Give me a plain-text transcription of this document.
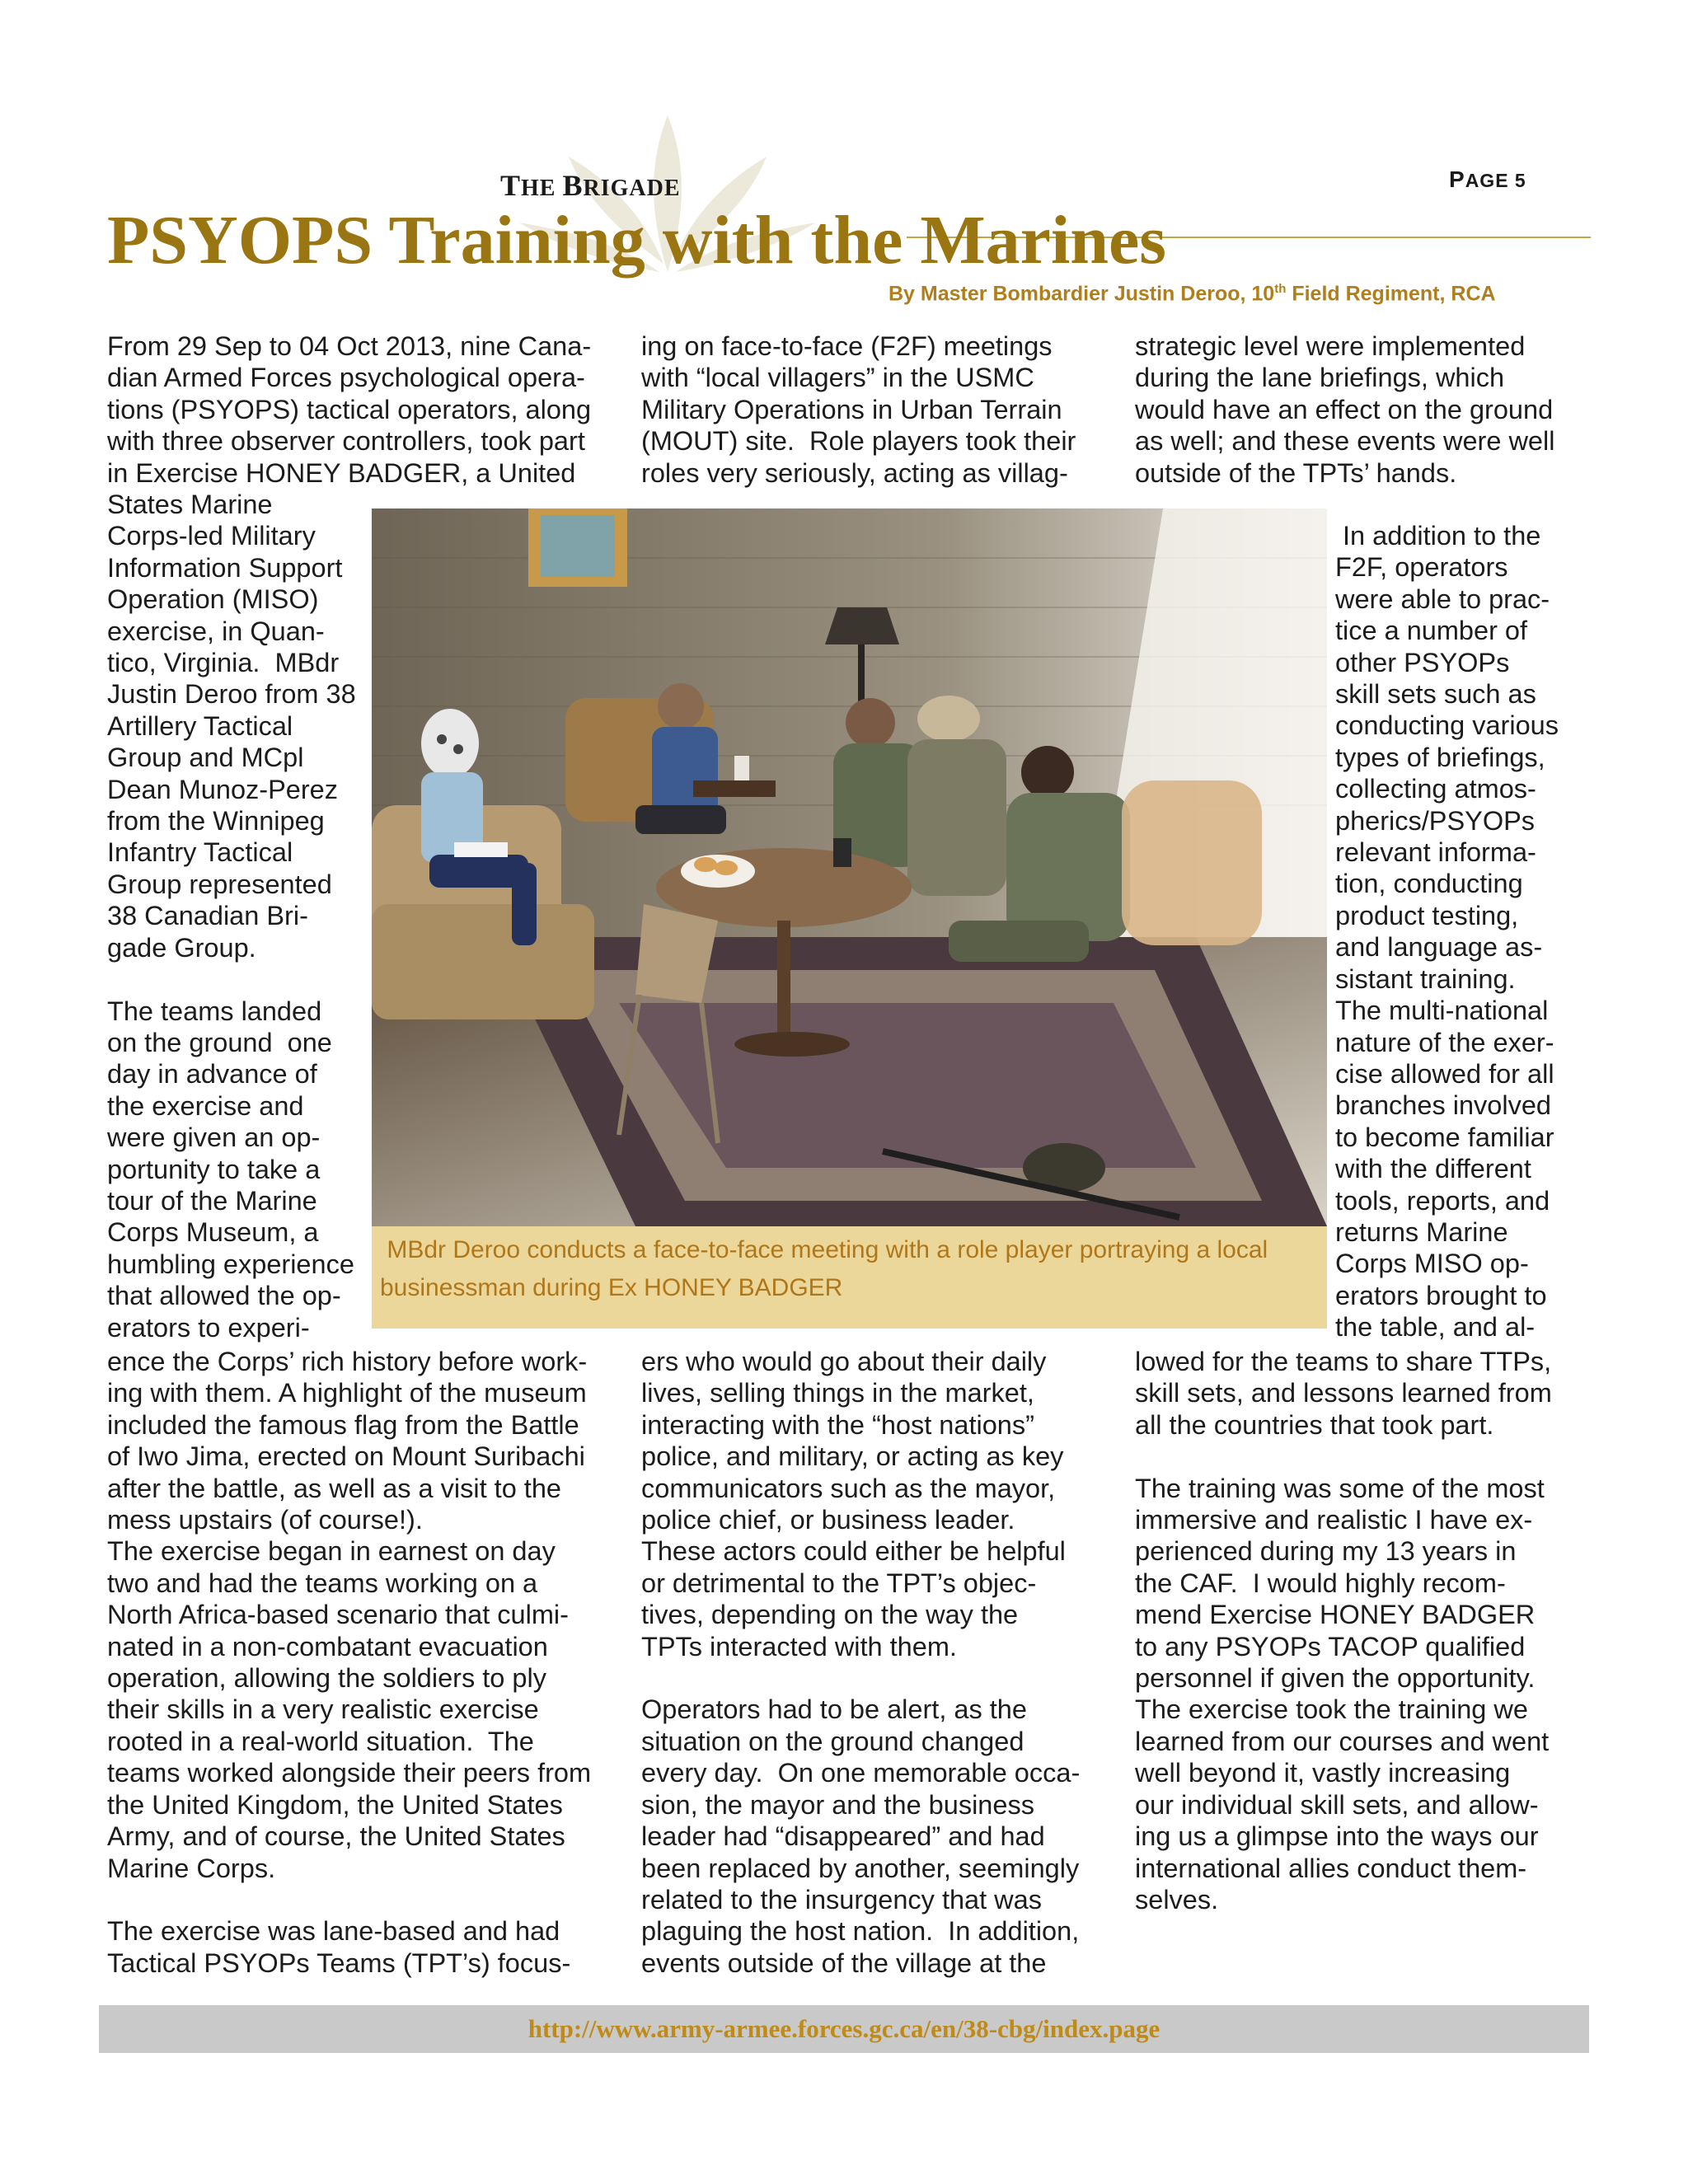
THE BRIGADE	PAGE 5
PSYOPS Training with the Marines
By Master Bombardier Justin Deroo, 10th Field Regiment, RCA
From 29 Sep to 04 Oct 2013, nine Cana-
dian Armed Forces psychological opera-
tions (PSYOPS) tactical operators, along
with three observer controllers, took part
in Exercise HONEY BADGER, a United
States Marine
Corps-led Military
Information Support
Operation (MISO)
exercise, in Quan-
tico, Virginia.  MBdr
Justin Deroo from 38
Artillery Tactical
Group and MCpl
Dean Munoz-Perez
from the Winnipeg
Infantry Tactical
Group represented
38 Canadian Bri-
gade Group.

The teams landed
on the ground  one
day in advance of
the exercise and
were given an op-
portunity to take a
tour of the Marine
Corps Museum, a
humbling experience
that allowed the op-
erators to experi-
ence the Corps’ rich history before work-
ing with them. A highlight of the museum
included the famous flag from the Battle
of Iwo Jima, erected on Mount Suribachi
after the battle, as well as a visit to the
mess upstairs (of course!).
The exercise began in earnest on day
two and had the teams working on a
North Africa-based scenario that culmi-
nated in a non-combatant evacuation
operation, allowing the soldiers to ply
their skills in a very realistic exercise
rooted in a real-world situation.  The
teams worked alongside their peers from
the United Kingdom, the United States
Army, and of course, the United States
Marine Corps.

The exercise was lane-based and had
Tactical PSYOPs Teams (TPT’s) focus-
ing on face-to-face (F2F) meetings
with “local villagers” in the USMC
Military Operations in Urban Terrain
(MOUT) site.  Role players took their
roles very seriously, acting as villag-
ers who would go about their daily
lives, selling things in the market,
interacting with the “host nations”
police, and military, or acting as key
communicators such as the mayor,
police chief, or business leader.
These actors could either be helpful
or detrimental to the TPT’s objec-
tives, depending on the way the
TPTs interacted with them.

Operators had to be alert, as the
situation on the ground changed
every day.  On one memorable occa-
sion, the mayor and the business
leader had “disappeared” and had
been replaced by another, seemingly
related to the insurgency that was
plaguing the host nation.  In addition,
events outside of the village at the
strategic level were implemented
during the lane briefings, which
would have an effect on the ground
as well; and these events were well
outside of the TPTs’ hands.
In addition to the
F2F, operators
were able to prac-
tice a number of
other PSYOPs
skill sets such as
conducting various
types of briefings,
collecting atmos-
pherics/PSYOPs
relevant informa-
tion, conducting
product testing,
and language as-
sistant training.
The multi-national
nature of the exer-
cise allowed for all
branches involved
to become familiar
with the different
tools, reports, and
returns Marine
Corps MISO op-
erators brought to
the table, and al-
lowed for the teams to share TTPs,
skill sets, and lessons learned from
all the countries that took part.

The training was some of the most
immersive and realistic I have ex-
perienced during my 13 years in
the CAF.  I would highly recom-
mend Exercise HONEY BADGER
to any PSYOPs TACOP qualified
personnel if given the opportunity.
The exercise took the training we
learned from our courses and went
well beyond it, vastly increasing
our individual skill sets, and allow-
ing us a glimpse into the ways our
international allies conduct them-
selves.
MBdr Deroo conducts a face-to-face meeting with a role player portraying a local
businessman during Ex HONEY BADGER
http://www.army-armee.forces.gc.ca/en/38-cbg/index.page
